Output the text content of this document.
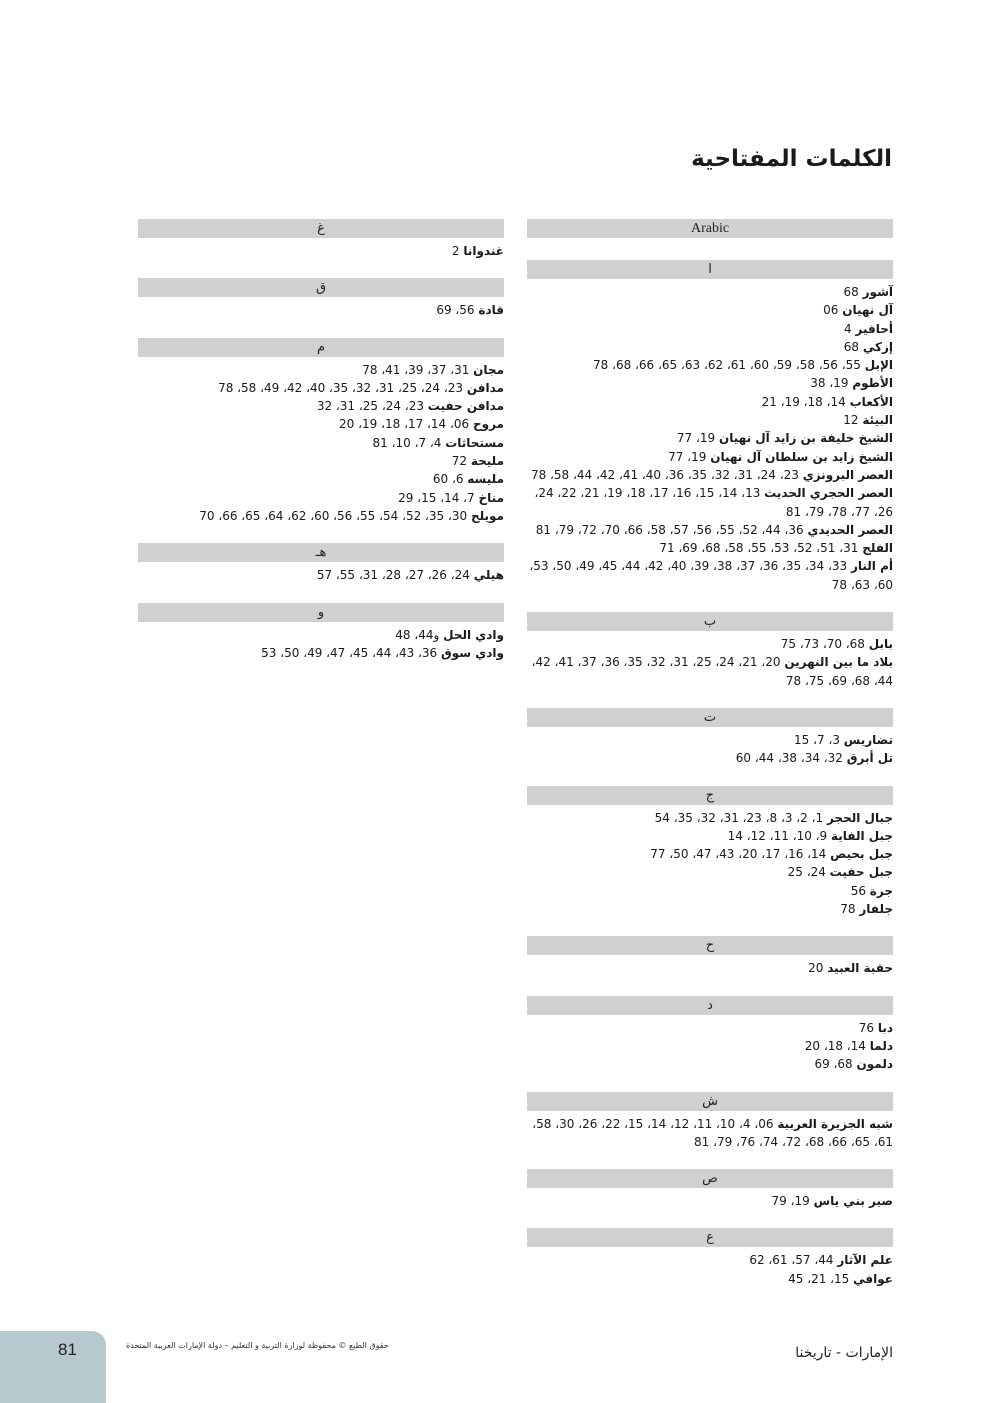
الكلمات المفتاحية
Arabic
ا
آشور 68
آل نهيان 06
أحافير 4
إزكي 68
الإبل 55، 56، 58، 59، 60، 61، 62، 63، 65، 66، 68، 78
الأطوم 19، 38
الأكعاب 14، 18، 19، 21
البيئة 12
الشيخ خليفة بن زايد آل نهيان 19، 77
الشيخ زايد بن سلطان آل نهيان 19، 77
العصر البرونزي 23، 24، 31، 32، 35، 36، 40، 41، 42، 44، 58، 78
العصر الحجري الحديث 13، 14، 15، 16، 17، 18، 19، 21، 22، 24، 26، 77، 78، 79، 81
العصر الحديدي 36، 44، 52، 55، 56، 57، 58، 66، 70، 72، 79، 81
الفلج 31، 51، 52، 53، 55، 58، 68، 69، 71
أم النار 33، 34، 35، 36، 37، 38، 39، 40، 42، 44، 45، 49، 50، 53، 60، 63، 78
ب
بابل 68، 70، 73، 75
بلاد ما بين النهرين 20، 21، 24، 25، 31، 32، 35، 36، 37، 41، 42، 44، 68، 69، 75، 78
ت
تضاريس 3، 7، 15
تل أبرق 32، 34، 38، 44، 60
ج
جبال الحجر 1، 2، 3، 8، 23، 31، 32، 35، 54
جبل الفاية 9، 10، 11، 12، 14
جبل بحيص 14، 16، 17، 20، 43، 47، 50، 77
جبل حفيت 24، 25
جرة 56
جلفار 78
ح
حقبة العبيد 20
د
دبا 76
دلما 14، 18، 20
دلمون 68، 69
ش
شبه الجزيرة العربية 06، 4، 10، 11، 12، 14، 15، 22، 26، 30، 58، 61، 65، 66، 68، 72، 74، 76، 79، 81
ص
صير بني ياس 19، 79
ع
علم الآثار 44، 57، 61، 62
عوافي 15، 21، 45
غ
غندوانا 2
ق
قادة 56، 69
م
مجان 31، 37، 39، 41، 78
مدافن 23، 24، 25، 31، 32، 35، 40، 42، 49، 58، 78
مدافن حفيت 23، 24، 25، 31، 32
مروح 06، 14، 17، 18، 19، 20
مستحاثات 4، 7، 10، 81
مليحة 72
مليسه 6، 60
مناخ 7، 14، 15، 29
مويلح 30، 35، 52، 54، 55، 56، 60، 62، 64، 65، 66، 70
هـ
هيلي 24، 26، 27، 28، 31، 55، 57
و
وادي الحل و44، 48
وادي سوق 36، 43، 44، 45، 47، 49، 50، 53
81	حقوق الطبع © محفوظة لوزارة التربية و التعليم – دولة الإمارات العربية المتحدة	الإمارات - تاريخنا
